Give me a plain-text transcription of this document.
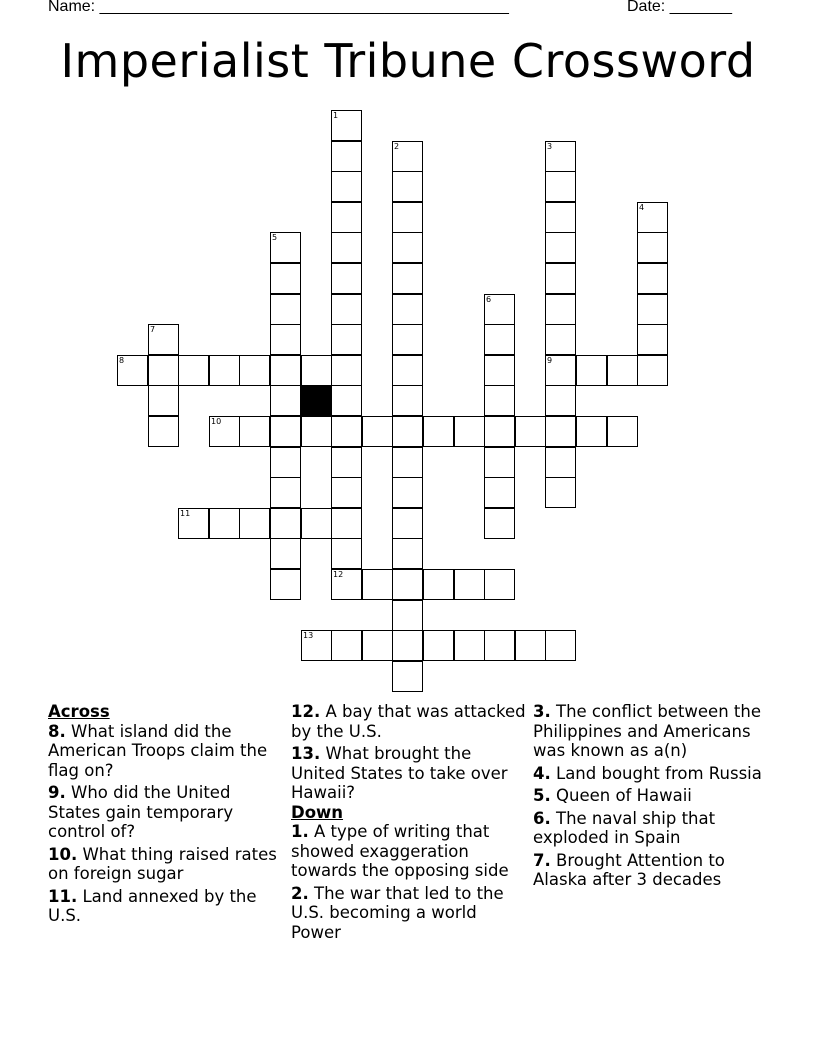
Name: ______________________________________________	Date: _______
Imperialist Tribune Crossword
1
12
2	3
9
4
5
6
7
8
10
11
13

Across

8. What island did the American Troops claim the flag on?

9. Who did the United States gain temporary control of?

10. What thing raised rates on foreign sugar

11. Land annexed by the U.S.

12. A bay that was attacked by the U.S.

13. What brought the United States to take over Hawaii?

Down

1. A type of writing that showed exaggeration towards the opposing side

2. The war that led to the U.S. becoming a world Power

3. The conflict between the Philippines and Americans was known as a(n)

4. Land bought from Russia

5. Queen of Hawaii

6. The naval ship that exploded in Spain

7. Brought Attention to Alaska after 3 decades
